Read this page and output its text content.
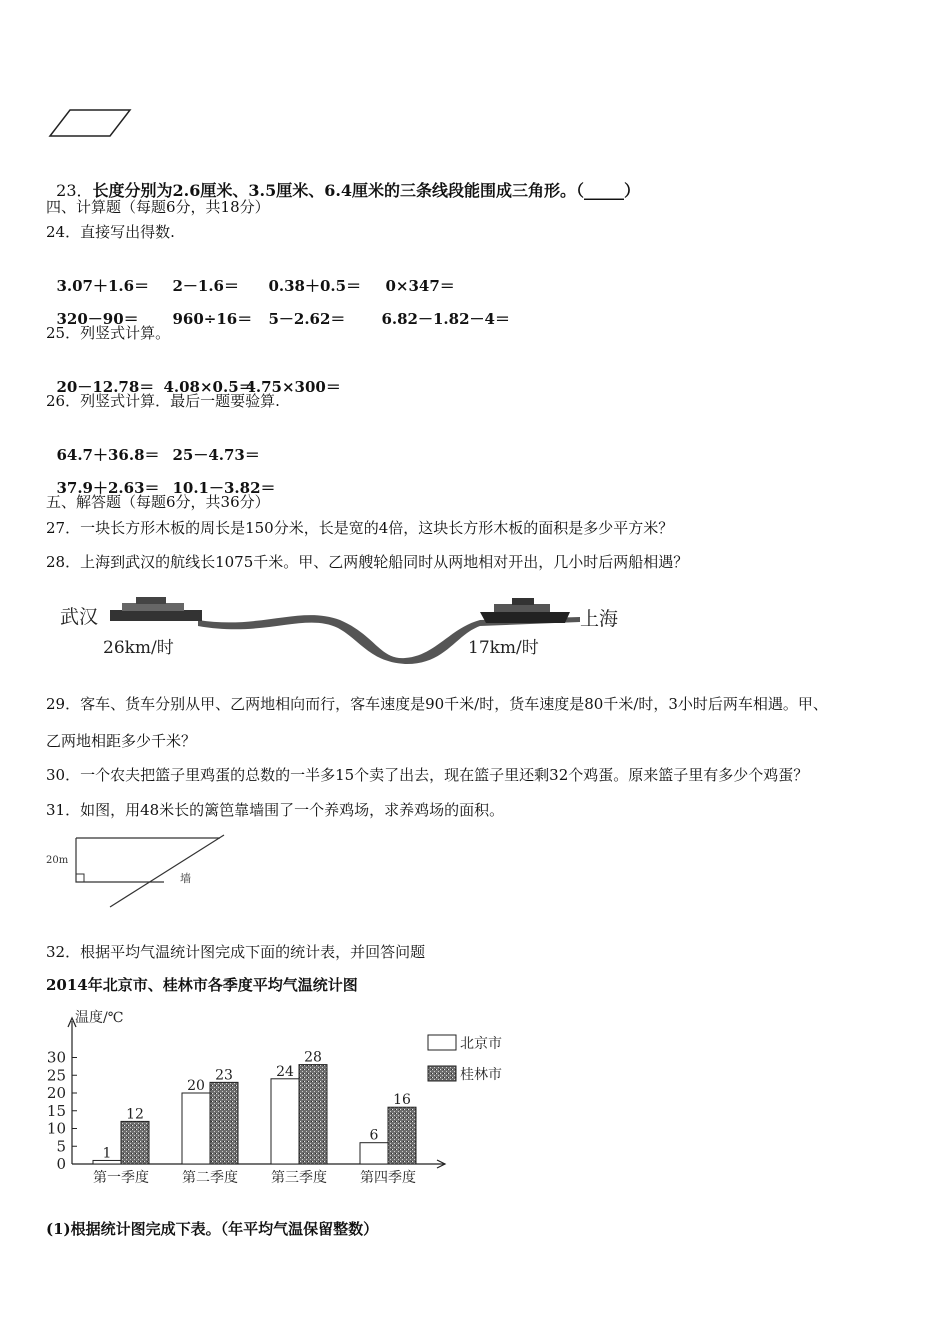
23．长度分别为2.6厘米、3.5厘米、6.4厘米的三条线段能围成三角形。（_____）

四、计算题（每题6分，共18分）
24．直接写出得数.

3.07＋1.6＝ 2－1.6＝ 0.38＋0.5＝ 0×347＝

320－90＝ 960÷16＝ 5－2.62＝ 6.82－1.82－4＝

25．列竖式计算。

20－12.78＝ 4.08×0.5＝4.75×300＝

26．列竖式计算．最后一题要验算.

64.7＋36.8＝ 25－4.73＝

37.9＋2.63＝ 10.1－3.82＝

五、解答题（每题6分，共36分）
27．一块长方形木板的周长是150分米，长是宽的4倍，这块长方形木板的面积是多少平方米？
28．上海到武汉的航线长1075千米。甲、乙两艘轮船同时从两地相对开出，几小时后两船相遇？
武汉	上海
26km/时	17km/时
29．客车、货车分别从甲、乙两地相向而行，客车速度是90千米/时，货车速度是80千米/时，3小时后两车相遇。甲、
乙两地相距多少千米？
30．一个农夫把篮子里鸡蛋的总数的一半多15个卖了出去，现在篮子里还剩32个鸡蛋。原来篮子里有多少个鸡蛋？
31．如图，用48米长的篱笆靠墙围了一个养鸡场，求养鸡场的面积。
20m
墙
32．根据平均气温统计图完成下面的统计表，并回答问题
2014年北京市、桂林市各季度平均气温统计图
温度/℃
0
5
10
15
20
25
30
1
12
第一季度
20
23
第二季度
24
28
第三季度
6
16
第四季度
北京市
桂林市
(1)根据统计图完成下表。（年平均气温保留整数）
